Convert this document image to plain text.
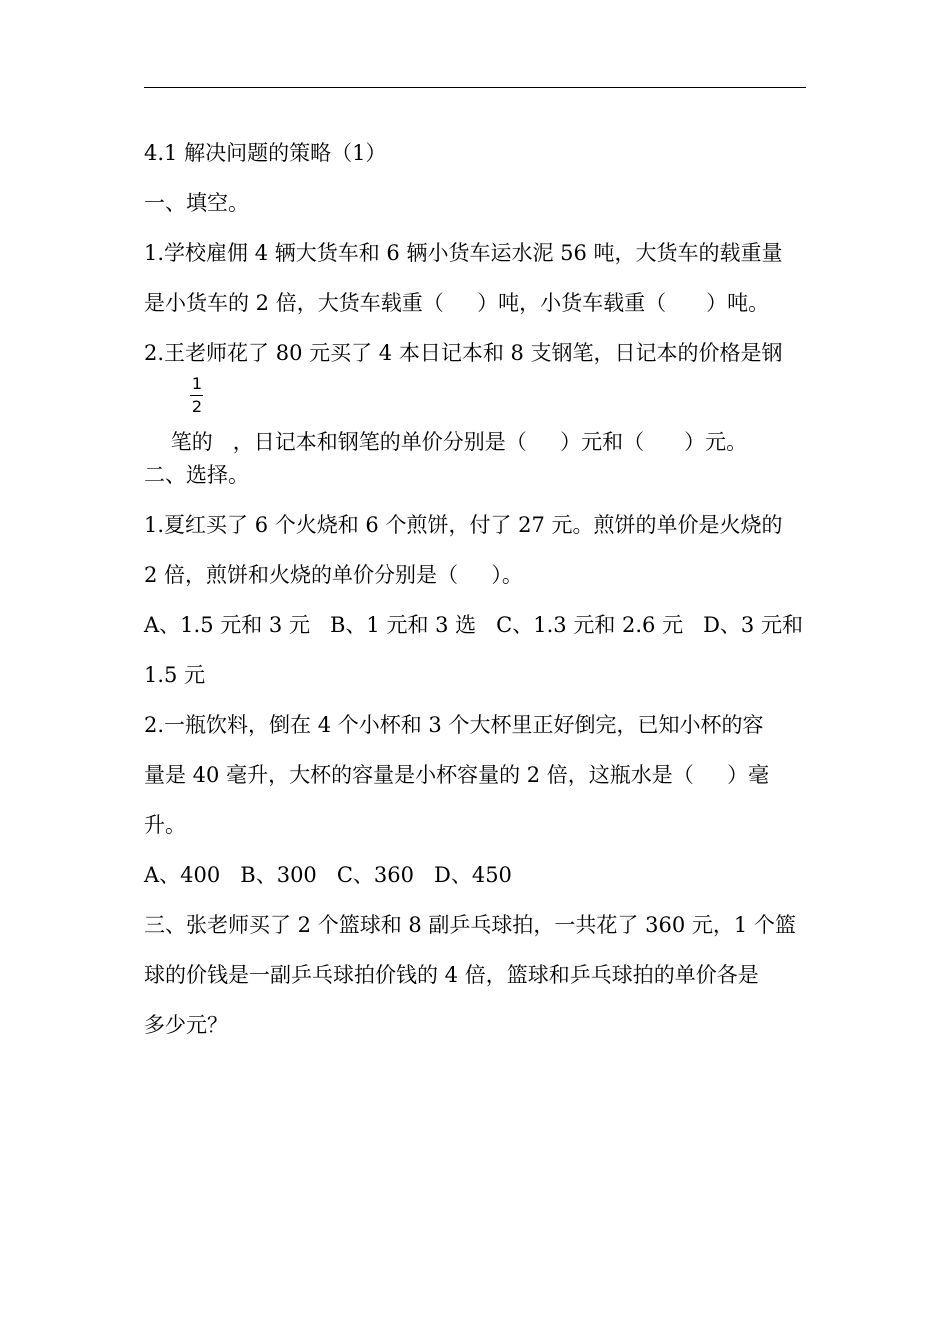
4.1 解决问题的策略（1）
一、填空。
1.学校雇佣 4 辆大货车和 6 辆小货车运水泥 56 吨，大货车的载重量
是小货车的 2 倍，大货车载重（     ）吨，小货车载重（      ）吨。
2.王老师花了 80 元买了 4 本日记本和 8 支钢笔，日记本的价格是钢
1
2

笔的 ，日记本和钢笔的单价分别是（     ）元和（      ）元。

二、选择。
1.夏红买了 6 个火烧和 6 个煎饼，付了 27 元。煎饼的单价是火烧的
2 倍，煎饼和火烧的单价分别是（     ）。
A、1.5 元和 3 元   B、1 元和 3 选   C、1.3 元和 2.6 元   D、3 元和
1.5 元
2.一瓶饮料，倒在 4 个小杯和 3 个大杯里正好倒完，已知小杯的容
量是 40 毫升，大杯的容量是小杯容量的 2 倍，这瓶水是（     ）毫
升。
A、400   B、300   C、360   D、450
三、张老师买了 2 个篮球和 8 副乒乓球拍，一共花了 360 元，1 个篮
球的价钱是一副乒乓球拍价钱的 4 倍，篮球和乒乓球拍的单价各是
多少元？
